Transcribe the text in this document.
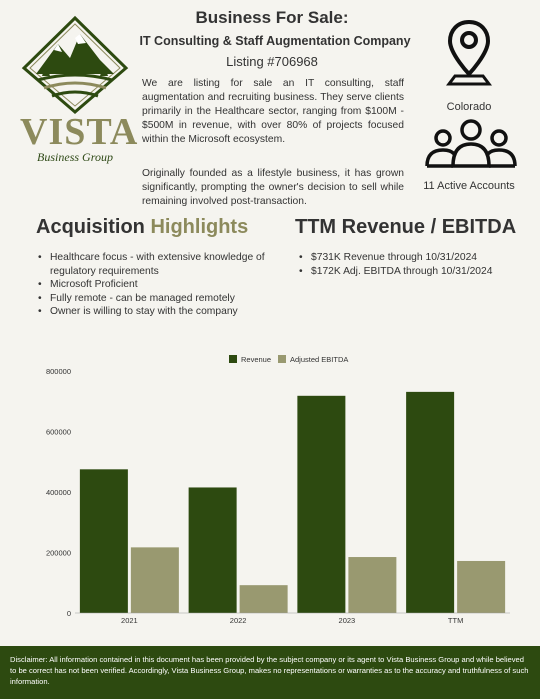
VISTA
Business Group
Business For Sale:
IT Consulting & Staff Augmentation Company
Listing #706968

We are listing for sale an IT consulting, staff augmentation and recruiting business. They serve clients primarily in the Healthcare sector, ranging from $100M - $500M in revenue, with over 80% of projects focused within the Microsoft ecosystem.

Originally founded as a lifestyle business, it has grown significantly, prompting the owner's decision to sell while remaining involved post-transaction.

Colorado
11 Active Accounts
Acquisition Highlights TTM Revenue / EBITDA
• Healthcare focus - with extensive knowledge of regulatory requirements
• Microsoft Proficient
• Fully remote - can be managed remotely
• Owner is willing to stay with the company
• $731K Revenue through 10/31/2024
• $172K Adj. EBITDA through 10/31/2024
Revenue	Adjusted EBITDA
0
200000
400000
600000
800000
2021	2022	2023	TTM

Disclaimer: All information contained in this document has been provided by the subject company or its agent to Vista Business Group and while believed to be correct has not been verified. Accordingly, Vista Business Group, makes no representations or warranties as to the accuracy and truthfulness of such information.
